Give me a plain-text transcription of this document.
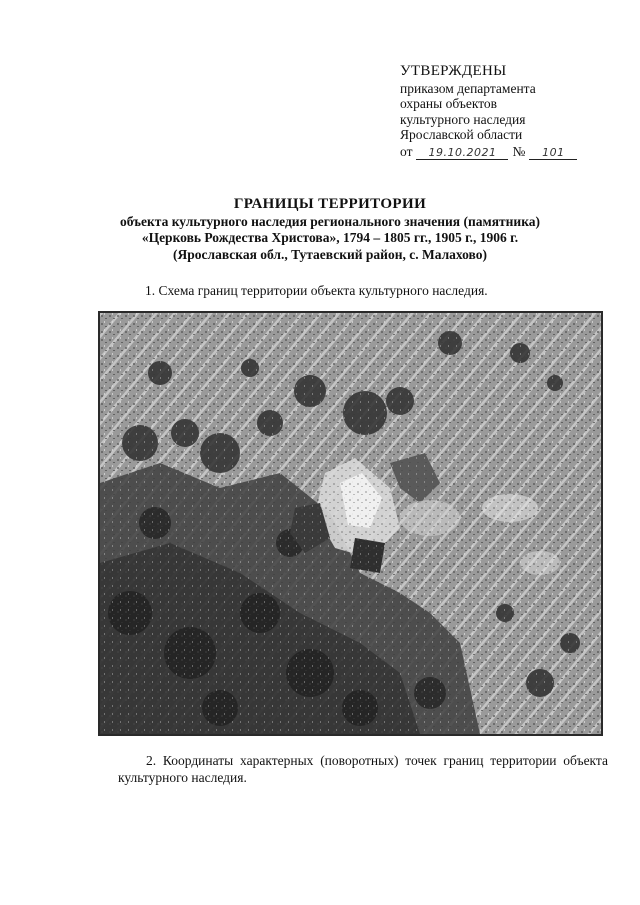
УТВЕРЖДЕНЫ
приказом департамента
охраны объектов
культурного наследия
Ярославской области
от	19.10.2021	№	101
ГРАНИЦЫ ТЕРРИТОРИИ
объекта культурного наследия регионального значения (памятника)
«Церковь Рождества Христова», 1794 – 1805 гг., 1905 г., 1906 г.
(Ярославская обл., Тутаевский район, с. Малахово)
1. Схема границ территории объекта культурного наследия.
2. Координаты характерных (поворотных) точек границ территории объекта культурного наследия.
